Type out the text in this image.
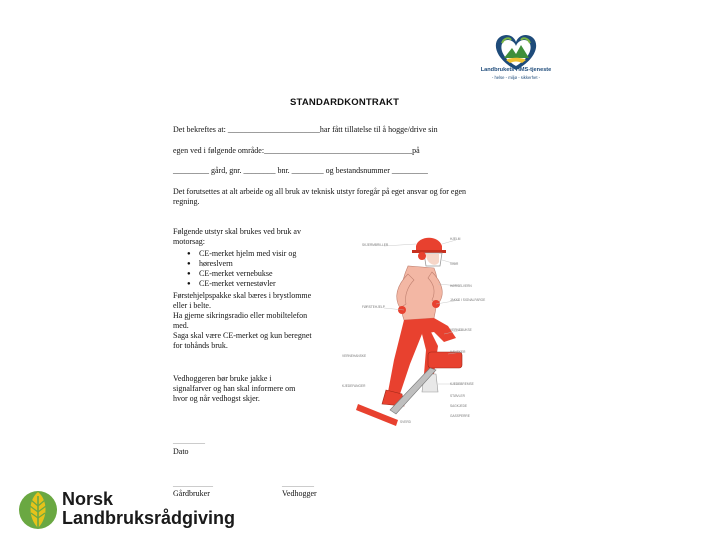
Landbrukets HMS-tjeneste
- helse - miljø - sikkerhet -
STANDARDKONTRAKT
Det bekreftes at: _______________________har fått tillatelse til å hogge/drive sin
egen ved i følgende område:_____________________________________på
_________ gård, gnr. ________ bnr. ________ og bestandsnummer _________
Det forutsettes at alt arbeide og all bruk av teknisk utstyr foregår på eget ansvar og for egen
regning.
Følgende utstyr skal brukes ved bruk av
motorsag:
● CE-merket hjelm med visir og
● høreslvern
● CE-merket vernebukse
● CE-merket vernestøvler
Førstehjelpspakke skal bæres i brystlomme
eller i belte.
Ha gjerne sikringsradio eller mobiltelefon
med.
Saga skal være CE-merket og kun beregnet
for tohånds bruk.
Vedhoggeren bør bruke jakke i
signalfarver og han skal informere om
hvor og når vedhogst skjer.
________
Dato
__________
Gårdbruker
________
Vedhogger
HJELM
SKJERMBRILLER
VISIR
HØRSELVERN
JAKKE I SIGNALFARGE
FØRSTEHJELP
VERNEBUKSE
HANSKER
KJEDEBREMSE
STØVLER
SAGKJEDE
SVERD
GASSPERRE
KJEDEFANGER
VERNEHANSKE
Norsk
Landbruksrådgiving
